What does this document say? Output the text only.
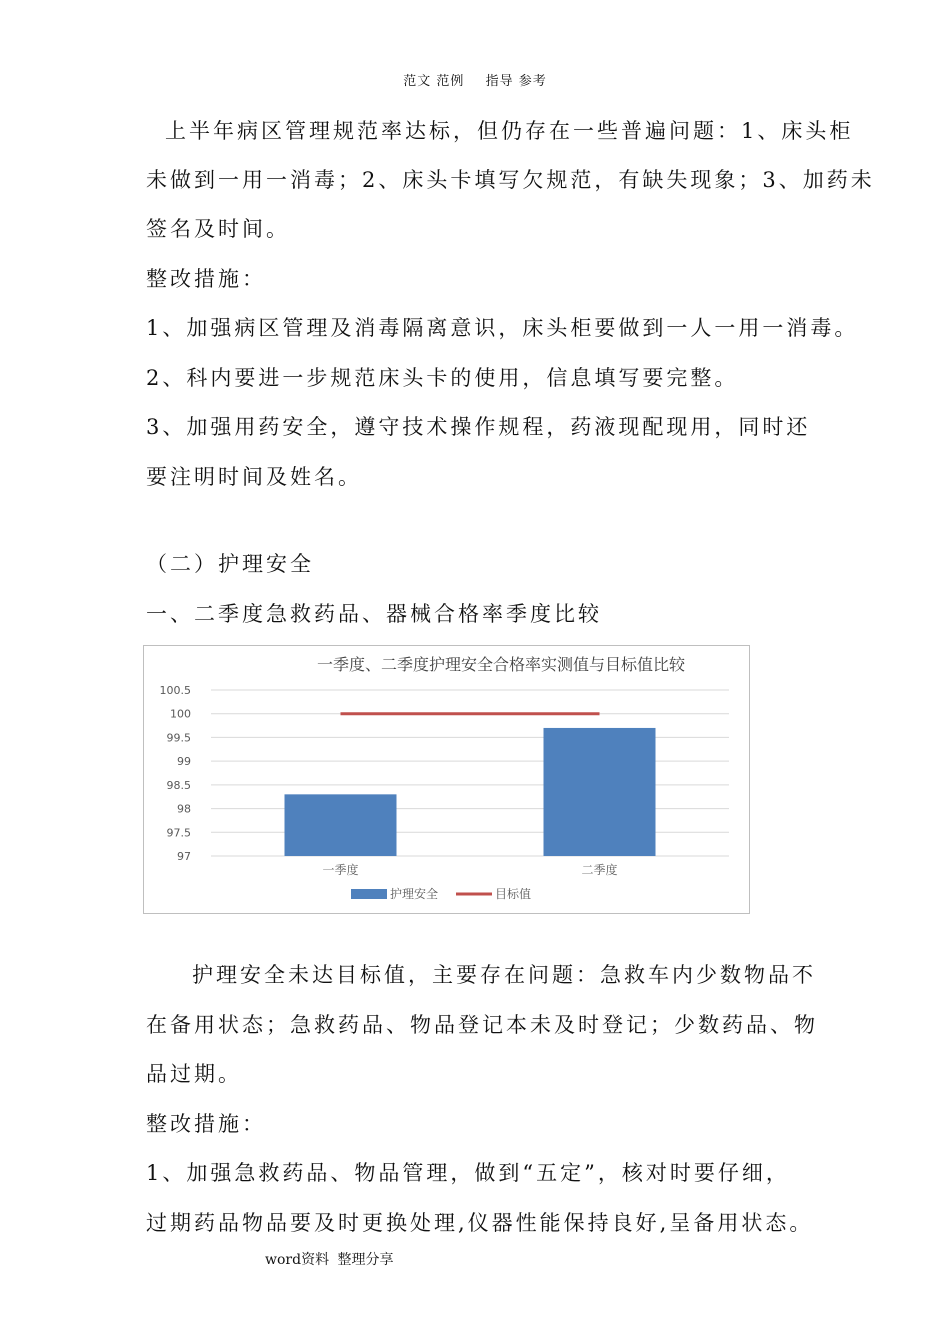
范文 范例 指导 参考
上半年病区管理规范率达标，但仍存在一些普遍问题：1、床头柜
未做到一用一消毒；2、床头卡填写欠规范，有缺失现象；3、加药未
签名及时间。
整改措施：
1、加强病区管理及消毒隔离意识，床头柜要做到一人一用一消毒。
2、科内要进一步规范床头卡的使用，信息填写要完整。
3、加强用药安全，遵守技术操作规程，药液现配现用，同时还
要注明时间及姓名。
（二）护理安全
一、二季度急救药品、器械合格率季度比较
一季度、二季度护理安全合格率实测值与目标值比较
97
97.5
98
98.5
99
99.5
100
100.5
一季度	二季度
护理安全	目标值
护理安全未达目标值，主要存在问题：急救车内少数物品不
在备用状态；急救药品、物品登记本未及时登记；少数药品、物
品过期。
整改措施：
1、加强急救药品、物品管理，做到“五定”，核对时要仔细，
过期药品物品要及时更换处理,仪器性能保持良好,呈备用状态。
word资料 整理分享
